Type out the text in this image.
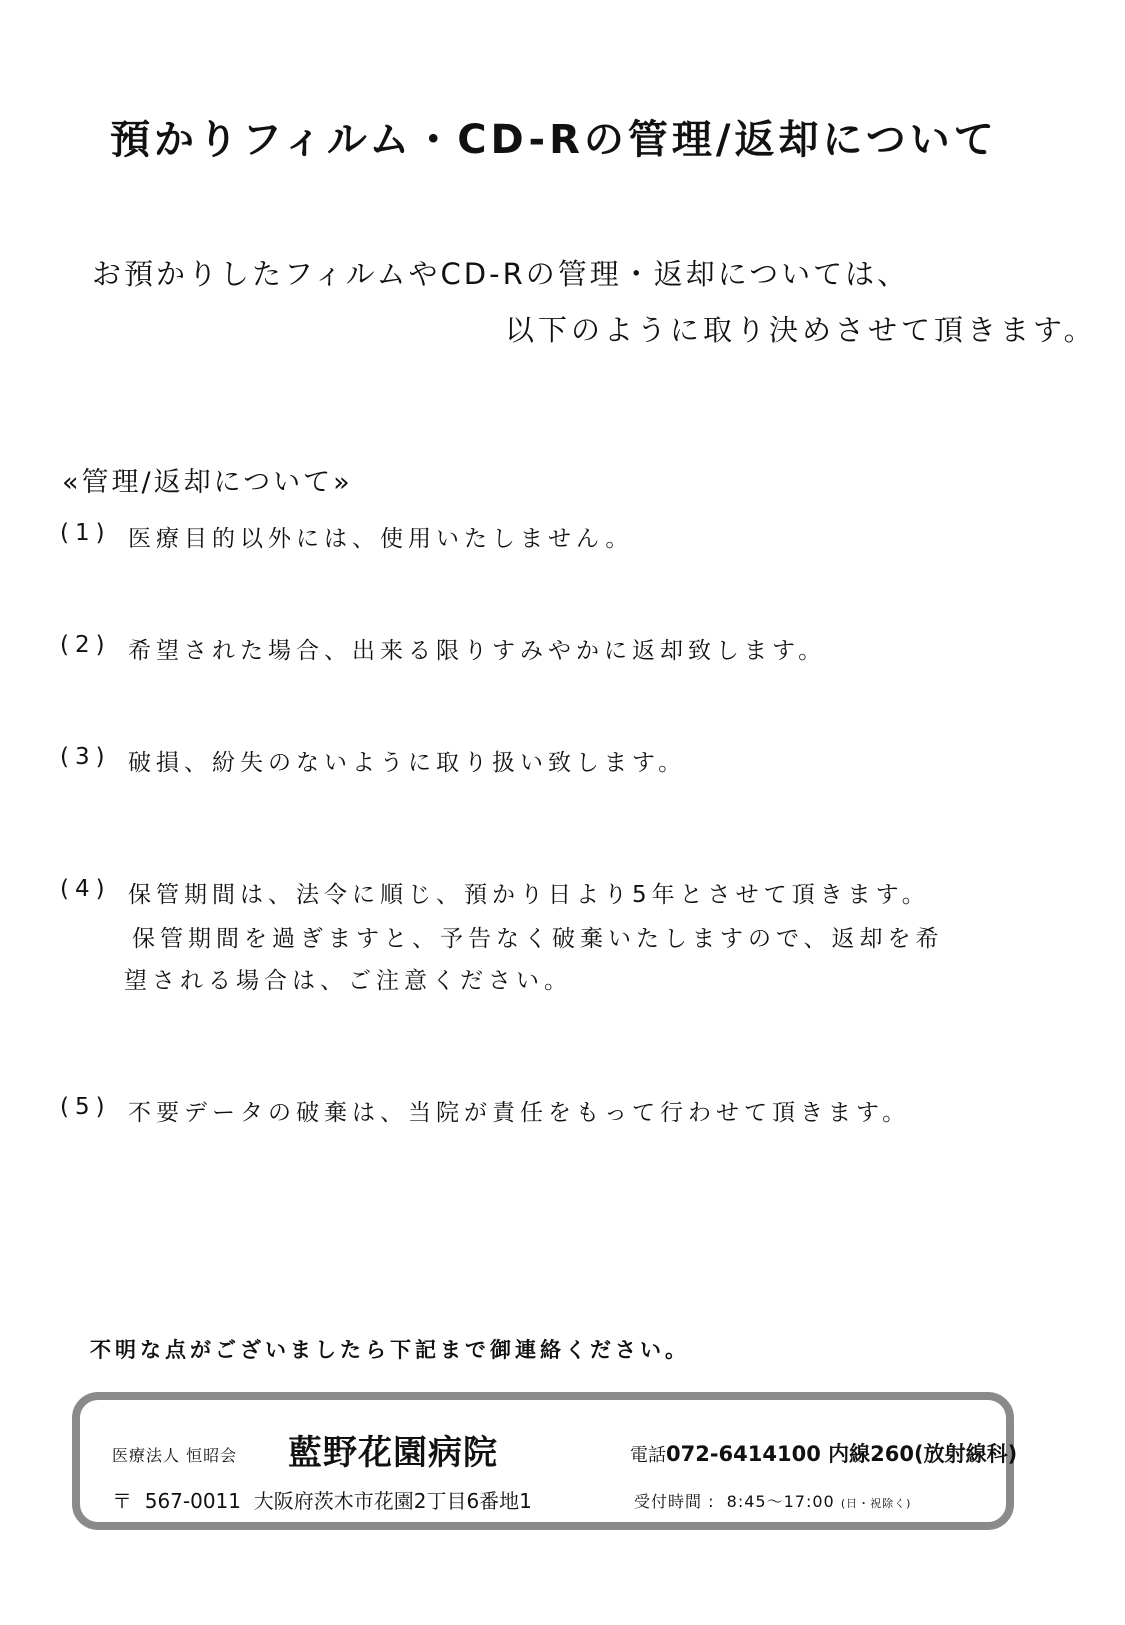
預かりフィルム・CD-Rの管理/返却について
お預かりしたフィルムやCD-Rの管理・返却については、
以下のように取り決めさせて頂きます。
«管理/返却について»
(1) 医療目的以外には、使用いたしません。
(2) 希望された場合、出来る限りすみやかに返却致します。
(3) 破損、紛失のないように取り扱い致します。
(4) 保管期間は、法令に順じ、預かり日より5年とさせて頂きます。
保管期間を過ぎますと、予告なく破棄いたしますので、返却を希
望される場合は、ご注意ください。
(5) 不要データの破棄は、当院が責任をもって行わせて頂きます。
不明な点がございましたら下記まで御連絡ください。
医療法人 恒昭会 藍野花園病院	電話072-6414100 内線260(放射線科)
〒 567-0011 大阪府茨木市花園2丁目6番地1	受付時間 :  8:45〜17:00 (日・祝除く)
